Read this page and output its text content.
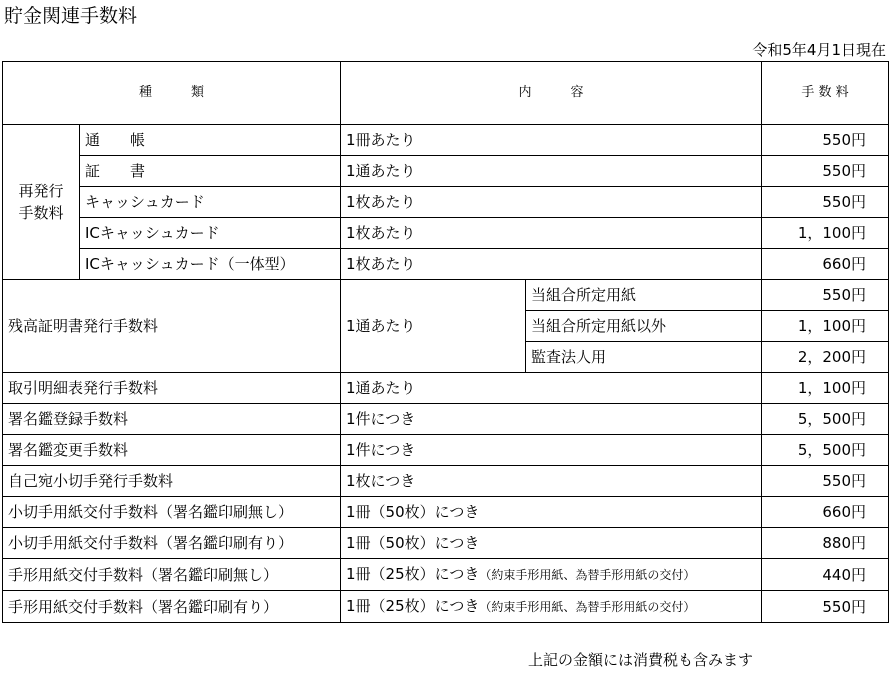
貯金関連手数料
令和5年4月1日現在
種　　　類		内　　　容		手 数 料
再発行
手数料	通　　帳	1冊あたり		550円
	証　　書	1通あたり		550円
	キャッシュカード	1枚あたり		550円
	ICキャッシュカード	1枚あたり		1，100円
	ICキャッシュカード（一体型）	1枚あたり		660円
残高証明書発行手数料		1通あたり	当組合所定用紙	550円
			当組合所定用紙以外	1，100円
			監査法人用	2，200円
取引明細表発行手数料		1通あたり		1，100円
署名鑑登録手数料		1件につき		5，500円
署名鑑変更手数料		1件につき		5，500円
自己宛小切手発行手数料		1枚につき		550円
小切手用紙交付手数料（署名鑑印刷無し）		1冊（50枚）につき		660円
小切手用紙交付手数料（署名鑑印刷有り）		1冊（50枚）につき		880円
手形用紙交付手数料（署名鑑印刷無し）		1冊（25枚）につき（約束手形用紙、為替手形用紙の交付）		440円
手形用紙交付手数料（署名鑑印刷有り）		1冊（25枚）につき（約束手形用紙、為替手形用紙の交付）		550円
上記の金額には消費税も含みます
